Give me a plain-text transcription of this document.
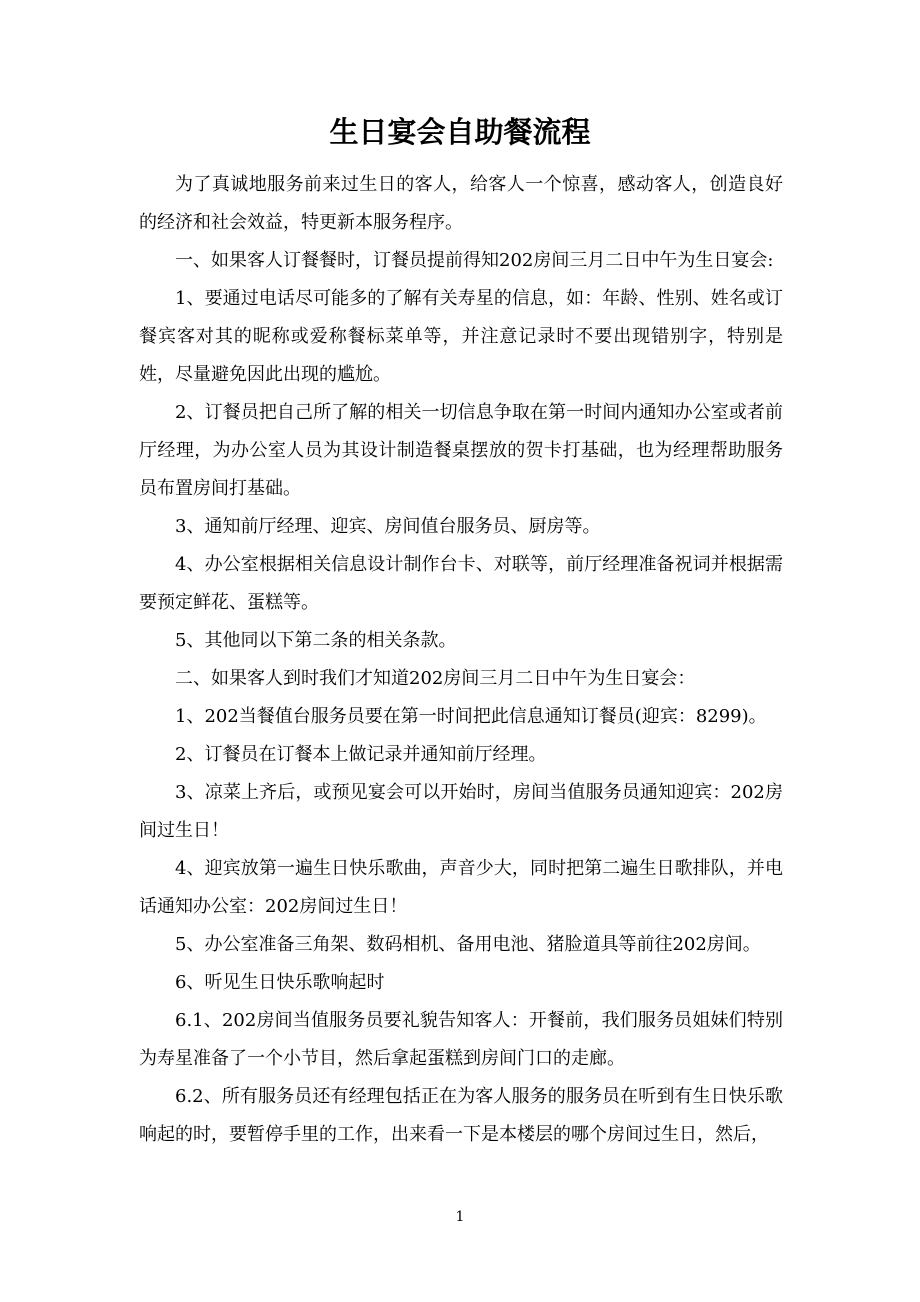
生日宴会自助餐流程

为了真诚地服务前来过生日的客人，给客人一个惊喜，感动客人，创造良好的经济和社会效益，特更新本服务程序。

一、如果客人订餐餐时，订餐员提前得知202房间三月二日中午为生日宴会:

1、要通过电话尽可能多的了解有关寿星的信息，如：年龄、性别、姓名或订餐宾客对其的昵称或爱称餐标菜单等，并注意记录时不要出现错别字，特别是姓，尽量避免因此出现的尴尬。

2、订餐员把自己所了解的相关一切信息争取在第一时间内通知办公室或者前厅经理，为办公室人员为其设计制造餐桌摆放的贺卡打基础，也为经理帮助服务员布置房间打基础。

3、通知前厅经理、迎宾、房间值台服务员、厨房等。

4、办公室根据相关信息设计制作台卡、对联等，前厅经理准备祝词并根据需要预定鲜花、蛋糕等。

5、其他同以下第二条的相关条款。

二、如果客人到时我们才知道202房间三月二日中午为生日宴会：

1、202当餐值台服务员要在第一时间把此信息通知订餐员(迎宾：8299)。

2、订餐员在订餐本上做记录并通知前厅经理。

3、凉菜上齐后，或预见宴会可以开始时，房间当值服务员通知迎宾：202房间过生日！

4、迎宾放第一遍生日快乐歌曲，声音少大，同时把第二遍生日歌排队，并电话通知办公室：202房间过生日！

5、办公室准备三角架、数码相机、备用电池、猪脸道具等前往202房间。

6、听见生日快乐歌响起时

6.1、202房间当值服务员要礼貌告知客人：开餐前，我们服务员姐妹们特别为寿星准备了一个小节目，然后拿起蛋糕到房间门口的走廊。

6.2、所有服务员还有经理包括正在为客人服务的服务员在听到有生日快乐歌响起的时，要暂停手里的工作，出来看一下是本楼层的哪个房间过生日，然后，

1
